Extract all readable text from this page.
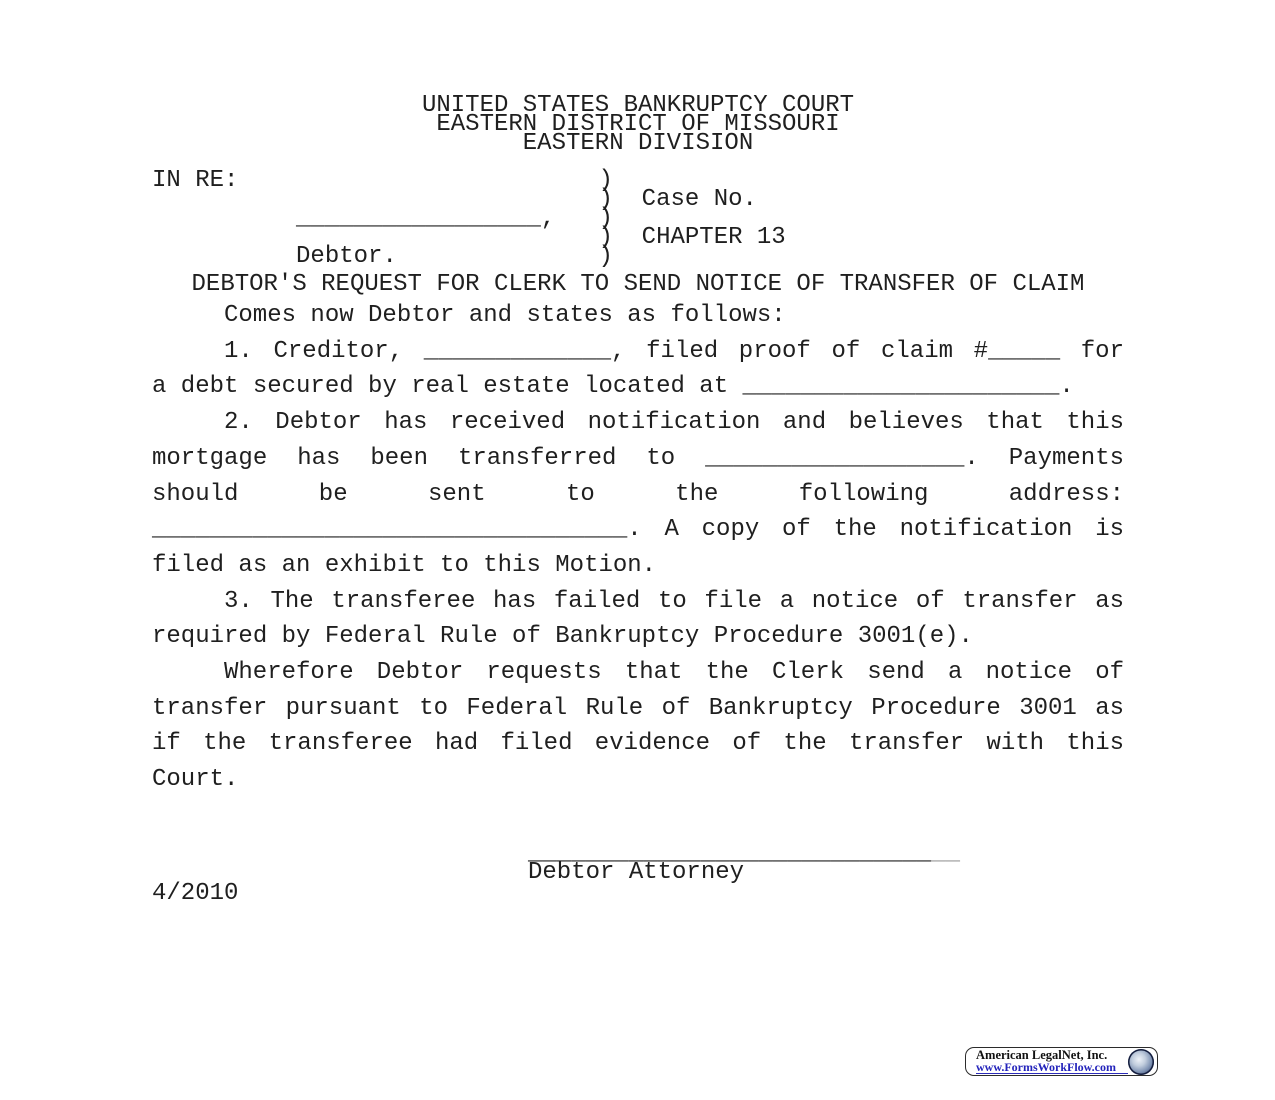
UNITED STATES BANKRUPTCY COURT
EASTERN DISTRICT OF MISSOURI
EASTERN DIVISION
IN RE:                         )
)  Case No.
_________________,   )
)  CHAPTER 13
Debtor.              )
DEBTOR'S REQUEST FOR CLERK TO SEND NOTICE OF TRANSFER OF CLAIM
Comes now Debtor and states as follows:
1. Creditor, _____________, filed proof of claim #_____ for
a debt secured by real estate located at ______________________.
2. Debtor has received notification and believes that this
mortgage has been transferred to __________________. Payments
should be sent to the following address:
_________________________________. A copy of the notification is
filed as an exhibit to this Motion.
3. The transferee has failed to file a notice of transfer as
required by Federal Rule of Bankruptcy Procedure 3001(e).
Wherefore Debtor requests that the Clerk send a notice of
transfer pursuant to Federal Rule of Bankruptcy Procedure 3001 as
if the transferee had filed evidence of the transfer with this
Court.
______________________________
Debtor Attorney
4/2010
American LegalNet, Inc.
www.FormsWorkFlow.com
